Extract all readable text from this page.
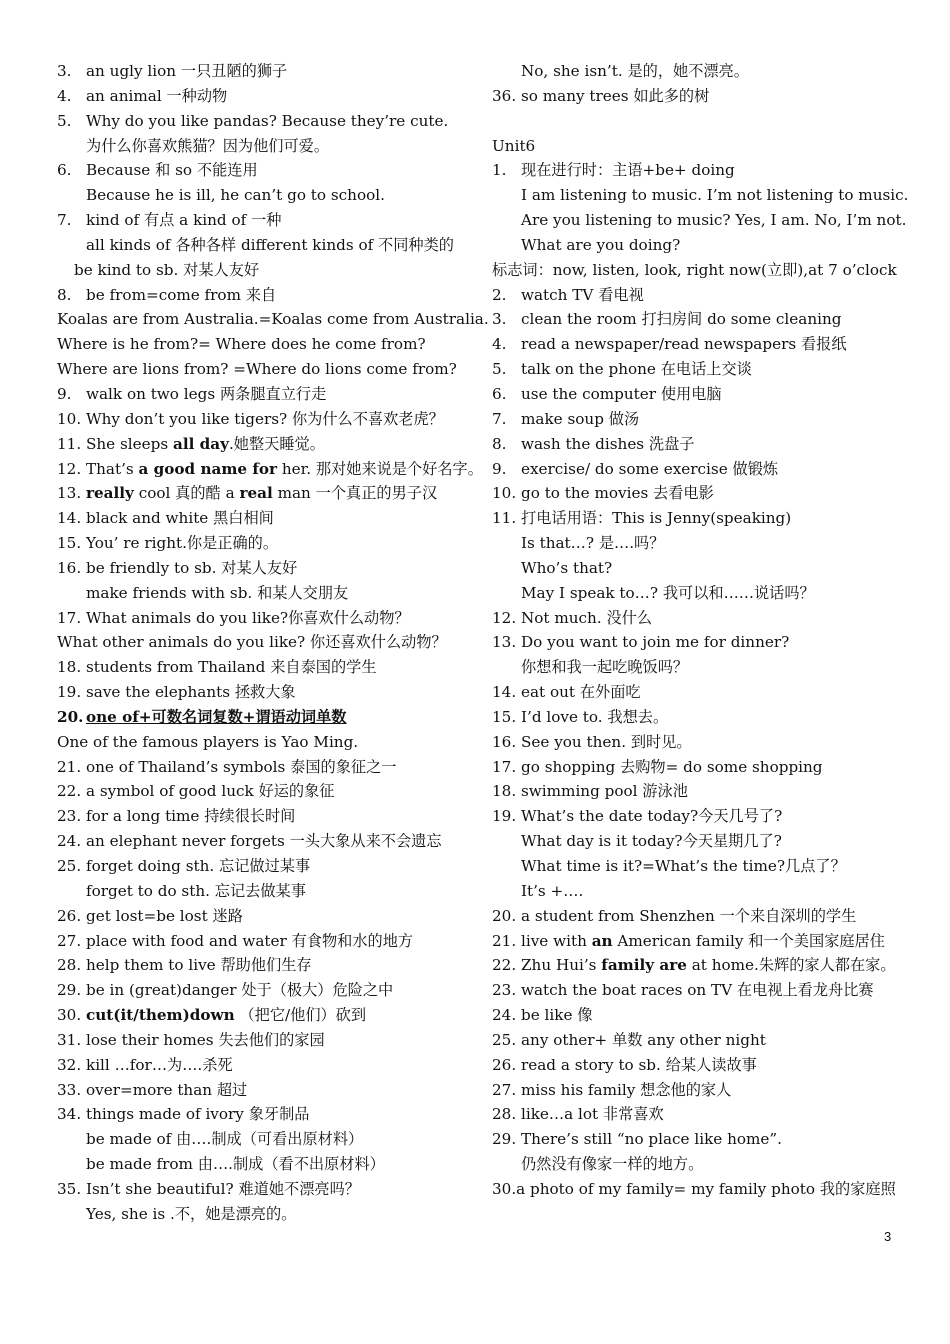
3. an ugly lion 一只丑陋的狮子
4. an animal 一种动物
5. Why do you like pandas? Because they’re cute.
为什么你喜欢熊猫？因为他们可爱。
6. Because 和 so 不能连用
Because he is ill, he can’t go to school.
7. kind of 有点 a kind of 一种
all kinds of 各种各样 different kinds of 不同种类的
be kind to sb. 对某人友好
8. be from=come from 来自
Koalas are from Australia.=Koalas come from Australia.
Where is he from?= Where does he come from?
Where are lions from? =Where do lions come from?
9. walk on two legs 两条腿直立行走
10. Why don’t you like tigers? 你为什么不喜欢老虎？
11. She sleeps all day.她整天睡觉。
12. That’s a good name for her. 那对她来说是个好名字。
13. really cool 真的酷 a real man 一个真正的男子汉
14. black and white 黑白相间
15. You’ re right.你是正确的。
16. be friendly to sb. 对某人友好
make friends with sb. 和某人交朋友
17. What animals do you like?你喜欢什么动物？
What other animals do you like? 你还喜欢什么动物？
18. students from Thailand 来自泰国的学生
19. save the elephants 拯救大象
20. one of+可数名词复数+谓语动词单数
One of the famous players is Yao Ming.
21. one of Thailand’s symbols 泰国的象征之一
22. a symbol of good luck 好运的象征
23. for a long time 持续很长时间
24. an elephant never forgets 一头大象从来不会遗忘
25. forget doing sth. 忘记做过某事
forget to do sth. 忘记去做某事
26. get lost=be lost 迷路
27. place with food and water 有食物和水的地方
28. help them to live 帮助他们生存
29. be in (great)danger 处于（极大）危险之中
30. cut(it/them)down （把它/他们）砍到
31. lose their homes 失去他们的家园
32. kill …for…为….杀死
33. over=more than 超过
34. things made of ivory 象牙制品
be made of 由….制成（可看出原材料）
be made from 由….制成（看不出原材料）
35. Isn’t she beautiful? 难道她不漂亮吗？
Yes, she is .不，她是漂亮的。
No, she isn’t. 是的，她不漂亮。
36. so many trees 如此多的树
Unit6
1. 现在进行时：主语+be+ doing
I am listening to music. I’m not listening to music.
Are you listening to music? Yes, I am. No, I’m not.
What are you doing?
标志词：now, listen, look, right now(立即),at 7 o’clock
2. watch TV 看电视
3. clean the room 打扫房间 do some cleaning
4. read a newspaper/read newspapers 看报纸
5. talk on the phone 在电话上交谈
6. use the computer 使用电脑
7. make soup 做汤
8. wash the dishes 洗盘子
9. exercise/ do some exercise 做锻炼
10. go to the movies 去看电影
11. 打电话用语：This is Jenny(speaking)
Is that…? 是….吗？
Who’s that?
May I speak to…? 我可以和……说话吗？
12. Not much. 没什么
13. Do you want to join me for dinner?
你想和我一起吃晚饭吗？
14. eat out 在外面吃
15. I’d love to. 我想去。
16. See you then. 到时见。
17. go shopping 去购物= do some shopping
18. swimming pool 游泳池
19. What’s the date today?今天几号了?
What day is it today?今天星期几了?
What time is it?=What’s the time?几点了？
It’s +….
20. a student from Shenzhen 一个来自深圳的学生
21. live with an American family 和一个美国家庭居住
22. Zhu Hui’s family are at home.朱辉的家人都在家。
23. watch the boat races on TV 在电视上看龙舟比赛
24. be like 像
25. any other+ 单数 any other night
26. read a story to sb. 给某人读故事
27. miss his family 想念他的家人
28. like…a lot 非常喜欢
29. There’s still “no place like home”.
仍然没有像家一样的地方。
30.a photo of my family= my family photo 我的家庭照
3
